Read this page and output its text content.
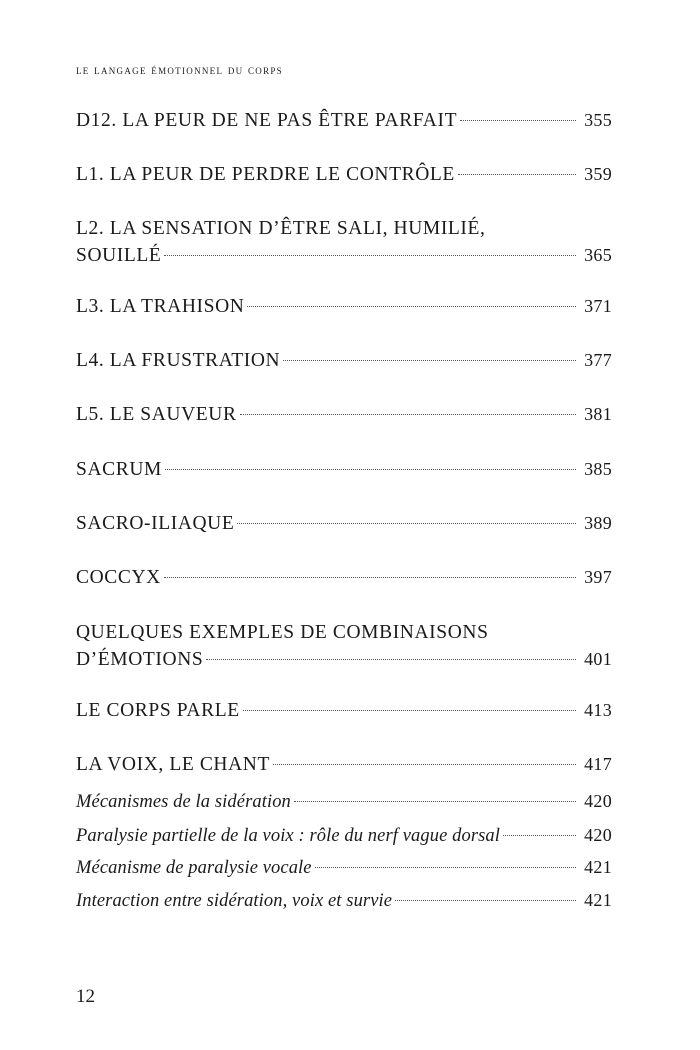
le langage émotionnel du corps
D12. LA PEUR DE NE PAS ÊTRE PARFAIT	355
L1. LA PEUR DE PERDRE LE CONTRÔLE	359
L2. LA SENSATION D’ÊTRE SALI, HUMILIÉ,
SOUILLÉ	365
L3. LA TRAHISON	371
L4. LA FRUSTRATION	377
L5. LE SAUVEUR	381
SACRUM	385
SACRO-ILIAQUE	389
COCCYX	397
QUELQUES EXEMPLES DE COMBINAISONS
D’ÉMOTIONS	401
LE CORPS PARLE	413
LA VOIX, LE CHANT	417
Mécanismes de la sidération	420
Paralysie partielle de la voix : rôle du nerf vague dorsal	420
Mécanisme de paralysie vocale	421
Interaction entre sidération, voix et survie	421
12
